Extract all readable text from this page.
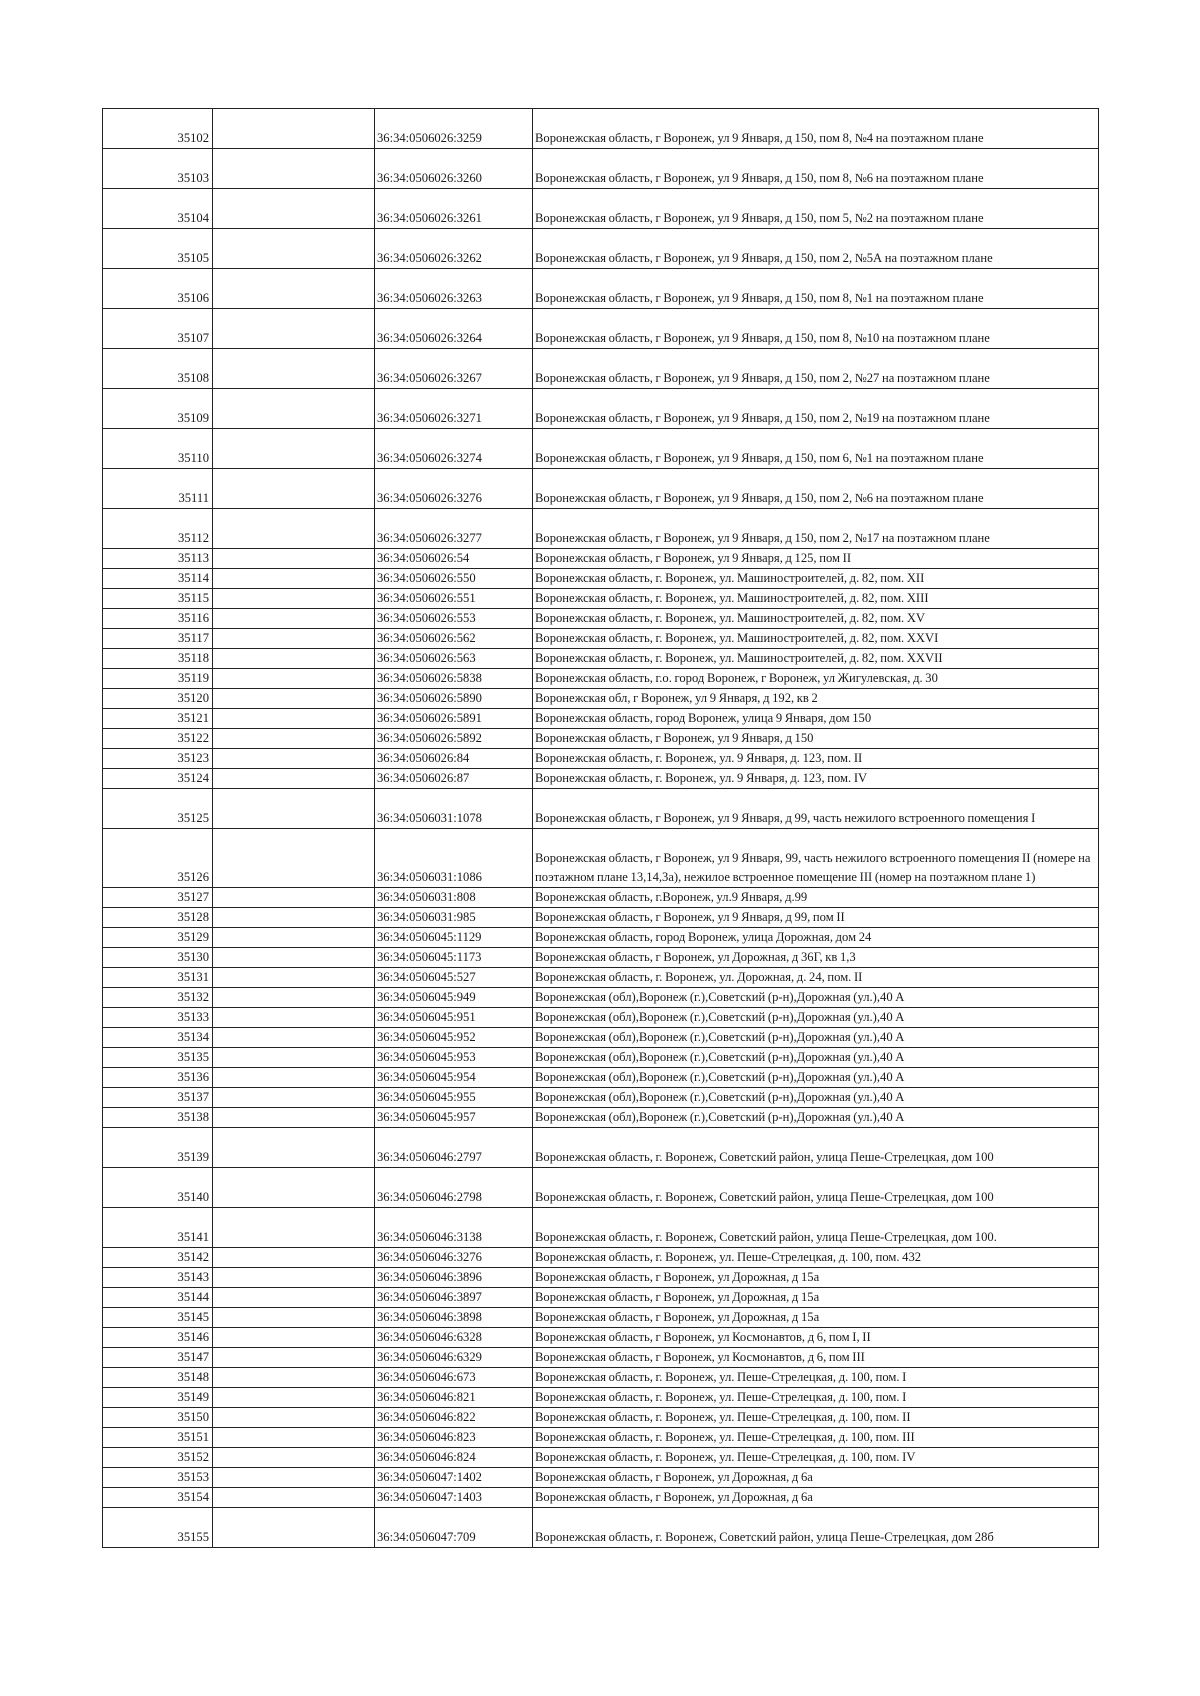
35102		36:34:0506026:3259	Воронежская область, г Воронеж, ул 9 Января, д 150, пом 8, №4 на поэтажном плане
35103		36:34:0506026:3260	Воронежская область, г Воронеж, ул 9 Января, д 150, пом 8, №6 на поэтажном плане
35104		36:34:0506026:3261	Воронежская область, г Воронеж, ул 9 Января, д 150, пом 5, №2 на поэтажном плане
35105		36:34:0506026:3262	Воронежская область, г Воронеж, ул 9 Января, д 150, пом 2, №5А на поэтажном плане
35106		36:34:0506026:3263	Воронежская область, г Воронеж, ул 9 Января, д 150, пом 8, №1 на поэтажном плане
35107		36:34:0506026:3264	Воронежская область, г Воронеж, ул 9 Января, д 150, пом 8, №10 на поэтажном плане
35108		36:34:0506026:3267	Воронежская область, г Воронеж, ул 9 Января, д 150, пом 2, №27 на поэтажном плане
35109		36:34:0506026:3271	Воронежская область, г Воронеж, ул 9 Января, д 150, пом 2, №19 на поэтажном плане
35110		36:34:0506026:3274	Воронежская область, г Воронеж, ул 9 Января, д 150, пом 6, №1 на поэтажном плане
35111		36:34:0506026:3276	Воронежская область, г Воронеж, ул 9 Января, д 150, пом 2, №6 на поэтажном плане
35112		36:34:0506026:3277	Воронежская область, г Воронеж, ул 9 Января, д 150, пом 2, №17 на поэтажном плане
35113		36:34:0506026:54	Воронежская область, г Воронеж, ул 9 Января, д 125, пом II
35114		36:34:0506026:550	Воронежская область, г. Воронеж, ул. Машиностроителей, д. 82, пом. XII
35115		36:34:0506026:551	Воронежская область, г. Воронеж, ул. Машиностроителей, д. 82, пом. XIII
35116		36:34:0506026:553	Воронежская область, г. Воронеж, ул. Машиностроителей, д. 82, пом. XV
35117		36:34:0506026:562	Воронежская область, г. Воронеж, ул. Машиностроителей, д. 82, пом. XXVI
35118		36:34:0506026:563	Воронежская область, г. Воронеж, ул. Машиностроителей, д. 82, пом. XXVII
35119		36:34:0506026:5838	Воронежская область, г.о. город Воронеж, г Воронеж, ул Жигулевская, д. 30
35120		36:34:0506026:5890	Воронежская обл, г Воронеж, ул 9 Января, д 192, кв 2
35121		36:34:0506026:5891	Воронежская область, город Воронеж, улица 9 Января, дом 150
35122		36:34:0506026:5892	Воронежская область, г Воронеж, ул 9 Января, д 150
35123		36:34:0506026:84	Воронежская область, г. Воронеж, ул. 9 Января, д. 123, пом. II
35124		36:34:0506026:87	Воронежская область, г. Воронеж, ул. 9 Января, д. 123, пом. IV
35125		36:34:0506031:1078	Воронежская область, г Воронеж, ул 9 Января, д 99, часть нежилого встроенного помещения I
35126		36:34:0506031:1086	Воронежская область, г Воронеж, ул 9 Января, 99, часть нежилого встроенного помещения II (номере на поэтажном плане 13,14,3а), нежилое встроенное помещение III (номер на поэтажном плане 1)
35127		36:34:0506031:808	Воронежская область, г.Воронеж, ул.9 Января, д.99
35128		36:34:0506031:985	Воронежская область, г Воронеж, ул 9 Января, д 99, пом II
35129		36:34:0506045:1129	Воронежская область, город Воронеж, улица Дорожная, дом 24
35130		36:34:0506045:1173	Воронежская область, г Воронеж, ул Дорожная, д 36Г, кв 1,3
35131		36:34:0506045:527	Воронежская область, г. Воронеж, ул. Дорожная, д. 24, пом. II
35132		36:34:0506045:949	Воронежская (обл),Воронеж (г.),Советский (р-н),Дорожная (ул.),40 А
35133		36:34:0506045:951	Воронежская (обл),Воронеж (г.),Советский (р-н),Дорожная (ул.),40 А
35134		36:34:0506045:952	Воронежская (обл),Воронеж (г.),Советский (р-н),Дорожная (ул.),40 А
35135		36:34:0506045:953	Воронежская (обл),Воронеж (г.),Советский (р-н),Дорожная (ул.),40 А
35136		36:34:0506045:954	Воронежская (обл),Воронеж (г.),Советский (р-н),Дорожная (ул.),40 А
35137		36:34:0506045:955	Воронежская (обл),Воронеж (г.),Советский (р-н),Дорожная (ул.),40 А
35138		36:34:0506045:957	Воронежская (обл),Воронеж (г.),Советский (р-н),Дорожная (ул.),40 А
35139		36:34:0506046:2797	Воронежская область, г. Воронеж, Советский район, улица Пеше-Стрелецкая, дом 100
35140		36:34:0506046:2798	Воронежская область, г. Воронеж, Советский район, улица Пеше-Стрелецкая, дом 100
35141		36:34:0506046:3138	Воронежская область, г. Воронеж, Советский район, улица Пеше-Стрелецкая, дом 100.
35142		36:34:0506046:3276	Воронежская область, г. Воронеж, ул. Пеше-Стрелецкая, д. 100, пом. 432
35143		36:34:0506046:3896	Воронежская область, г Воронеж, ул Дорожная, д 15а
35144		36:34:0506046:3897	Воронежская область, г Воронеж, ул Дорожная, д 15а
35145		36:34:0506046:3898	Воронежская область, г Воронеж, ул Дорожная, д 15а
35146		36:34:0506046:6328	Воронежская область, г Воронеж, ул Космонавтов, д 6, пом I, II
35147		36:34:0506046:6329	Воронежская область, г Воронеж, ул Космонавтов, д 6, пом III
35148		36:34:0506046:673	Воронежская область, г. Воронеж, ул. Пеше-Стрелецкая, д. 100, пом. I
35149		36:34:0506046:821	Воронежская область, г. Воронеж, ул. Пеше-Стрелецкая, д. 100, пом. I
35150		36:34:0506046:822	Воронежская область, г. Воронеж, ул. Пеше-Стрелецкая, д. 100, пом. II
35151		36:34:0506046:823	Воронежская область, г. Воронеж, ул. Пеше-Стрелецкая, д. 100, пом. III
35152		36:34:0506046:824	Воронежская область, г. Воронеж, ул. Пеше-Стрелецкая, д. 100, пом. IV
35153		36:34:0506047:1402	Воронежская область, г Воронеж, ул Дорожная, д 6а
35154		36:34:0506047:1403	Воронежская область, г Воронеж, ул Дорожная, д 6а
35155		36:34:0506047:709	Воронежская область, г. Воронеж, Советский район, улица Пеше-Стрелецкая, дом 28б
